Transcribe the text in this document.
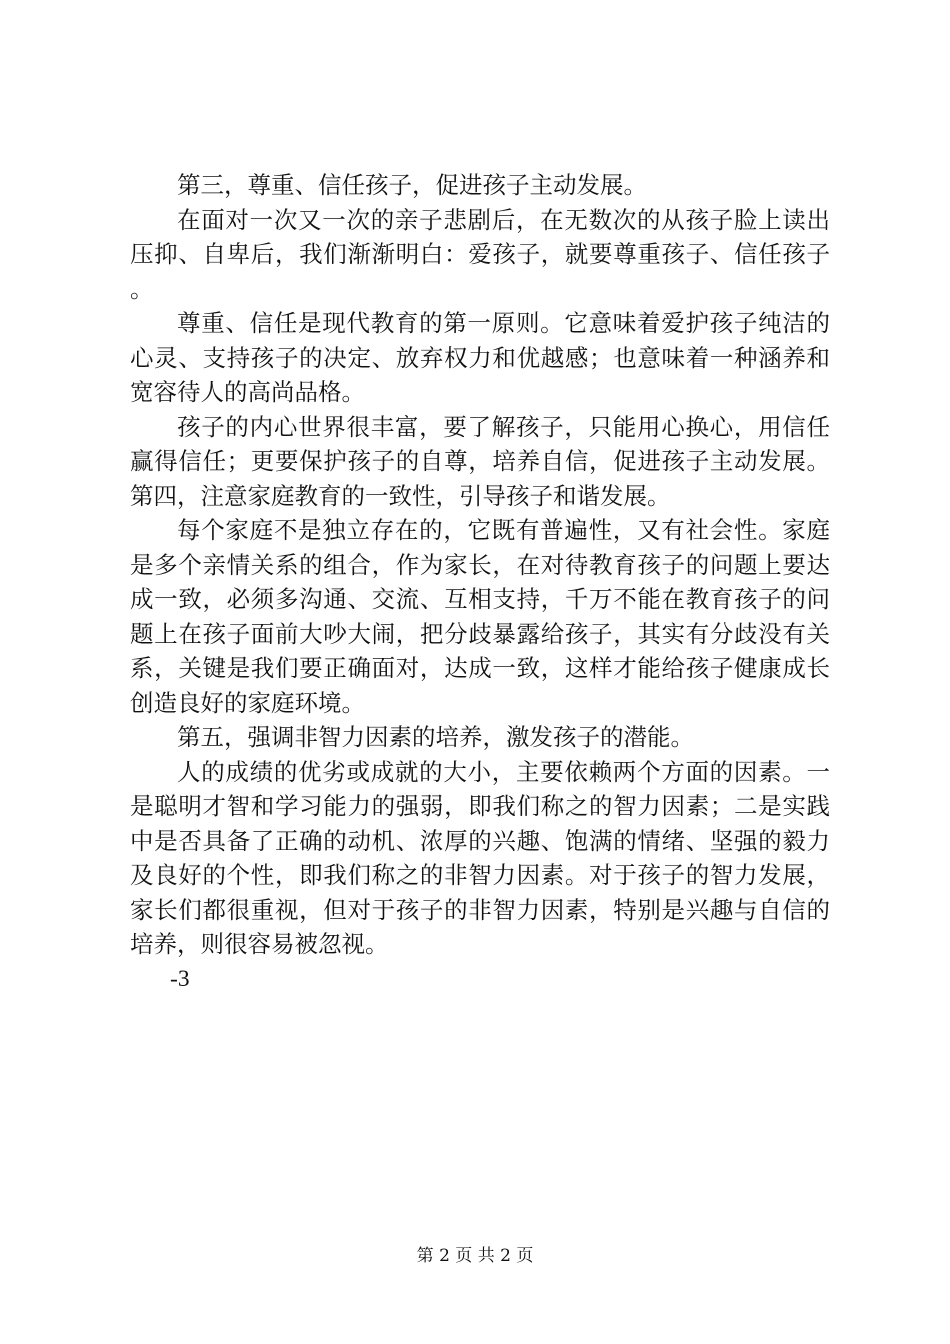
第三，尊重、信任孩子，促进孩子主动发展。

在面对一次又一次的亲子悲剧后，在无数次的从孩子脸上读出压抑、自卑后，我们渐渐明白：爱孩子，就要尊重孩子、信任孩子。

尊重、信任是现代教育的第一原则。它意味着爱护孩子纯洁的心灵、支持孩子的决定、放弃权力和优越感；也意味着一种涵养和宽容待人的高尚品格。

孩子的内心世界很丰富，要了解孩子，只能用心换心，用信任赢得信任；更要保护孩子的自尊，培养自信，促进孩子主动发展。第四，注意家庭教育的一致性，引导孩子和谐发展。

每个家庭不是独立存在的，它既有普遍性，又有社会性。家庭是多个亲情关系的组合，作为家长，在对待教育孩子的问题上要达成一致，必须多沟通、交流、互相支持，千万不能在教育孩子的问题上在孩子面前大吵大闹，把分歧暴露给孩子，其实有分歧没有关系，关键是我们要正确面对，达成一致，这样才能给孩子健康成长创造良好的家庭环境。

第五，强调非智力因素的培养，激发孩子的潜能。

人的成绩的优劣或成就的大小，主要依赖两个方面的因素。一是聪明才智和学习能力的强弱，即我们称之的智力因素；二是实践中是否具备了正确的动机、浓厚的兴趣、饱满的情绪、坚强的毅力及良好的个性，即我们称之的非智力因素。对于孩子的智力发展，家长们都很重视，但对于孩子的非智力因素，特别是兴趣与自信的培养，则很容易被忽视。

-3

第 2 页 共 2 页
